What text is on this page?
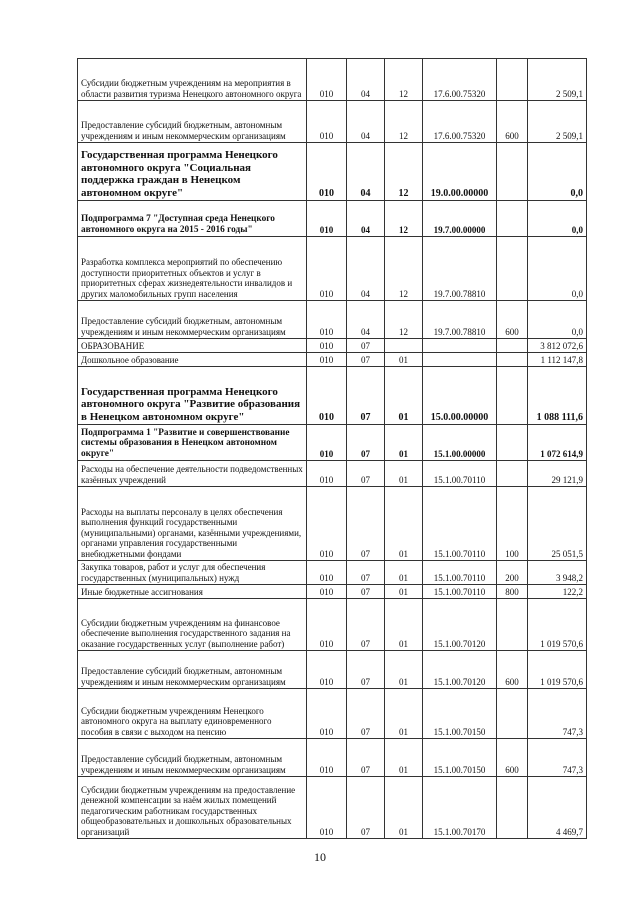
Субсидии бюджетным учреждениям на мероприятия в области развития туризма Ненецкого автономного округа	010	04	12	17.6.00.75320		2 509,1
Предоставление субсидий бюджетным, автономным учреждениям и иным некоммерческим организациям	010	04	12	17.6.00.75320	600	2 509,1
Государственная программа Ненецкого автономного округа "Социальная поддержка граждан в Ненецком автономном округе"	010	04	12	19.0.00.00000		0,0
Подпрограмма 7 "Доступная среда Ненецкого автономного округа на 2015 - 2016 годы"	010	04	12	19.7.00.00000		0,0
Разработка комплекса мероприятий по обеспечению доступности приоритетных объектов и услуг в приоритетных сферах жизнедеятельности инвалидов и других маломобильных групп населения	010	04	12	19.7.00.78810		0,0
Предоставление субсидий бюджетным, автономным учреждениям и иным некоммерческим организациям	010	04	12	19.7.00.78810	600	0,0
ОБРАЗОВАНИЕ	010	07				3 812 072,6
Дошкольное образование	010	07	01			1 112 147,8
Государственная программа Ненецкого автономного округа "Развитие образования в Ненецком автономном округе"	010	07	01	15.0.00.00000		1 088 111,6
Подпрограмма 1 "Развитие и совершенствование системы образования в Ненецком автономном округе"	010	07	01	15.1.00.00000		1 072 614,9
Расходы на обеспечение деятельности подведомственных казённых учреждений	010	07	01	15.1.00.70110		29 121,9
Расходы на выплаты персоналу в целях обеспечения выполнения функций государственными (муниципальными) органами, казёнными учреждениями, органами управления государственными внебюджетными фондами	010	07	01	15.1.00.70110	100	25 051,5
Закупка товаров, работ и услуг для обеспечения государственных (муниципальных) нужд	010	07	01	15.1.00.70110	200	3 948,2
Иные бюджетные ассигнования	010	07	01	15.1.00.70110	800	122,2
Субсидии бюджетным учреждениям на финансовое обеспечение выполнения государственного задания на оказание государственных услуг (выполнение работ)	010	07	01	15.1.00.70120		1 019 570,6
Предоставление субсидий бюджетным, автономным учреждениям и иным некоммерческим организациям	010	07	01	15.1.00.70120	600	1 019 570,6
Субсидии бюджетным учреждениям Ненецкого автономного округа на выплату единовременного пособия в связи с выходом на пенсию	010	07	01	15.1.00.70150		747,3
Предоставление субсидий бюджетным, автономным учреждениям и иным некоммерческим организациям	010	07	01	15.1.00.70150	600	747,3
Субсидии бюджетным учреждениям на предоставление денежной компенсации за наём жилых помещений педагогическим работникам государственных общеобразовательных и дошкольных образовательных организаций	010	07	01	15.1.00.70170		4 469,7
10
